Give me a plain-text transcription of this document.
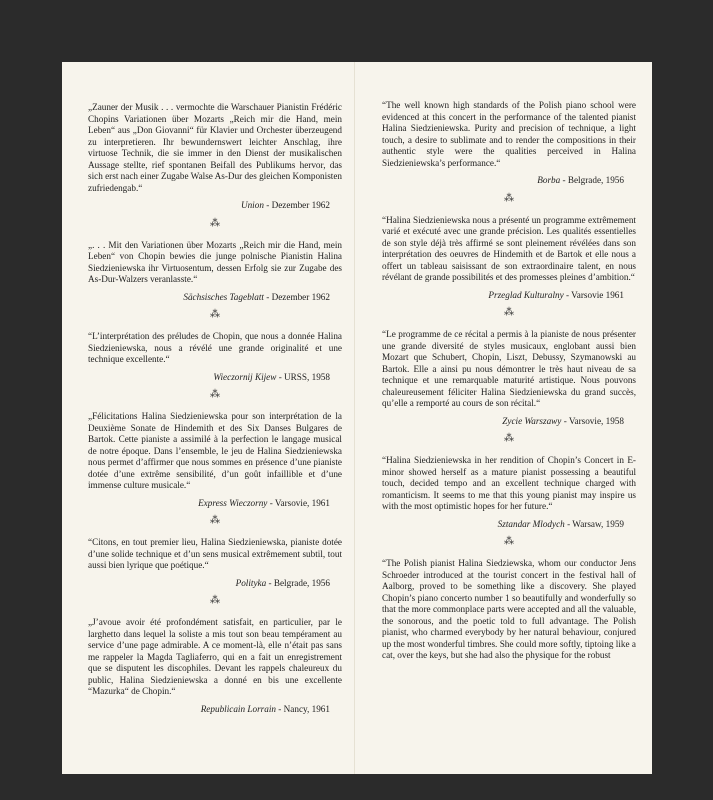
„Zauner der Musik . . . vermochte die Warschauer Pianistin Frédéric Chopins Variationen über Mozarts „Reich mir die Hand, mein Leben“ aus „Don Giovanni“ für Klavier und Orchester überzeugend zu interpretieren. Ihr bewundernswert leichter Anschlag, ihre virtuose Technik, die sie immer in den Dienst der musikalischen Aussage stellte, rief spontanen Beifall des Publikums hervor, das sich erst nach einer Zugabe Walse As-Dur des gleichen Komponisten zufriedengab.“

Union - Dezember 1962

⁂

„. . . Mit den Variationen über Mozarts „Reich mir die Hand, mein Leben“ von Chopin bewies die junge polnische Pianistin Halina Siedzieniewska ihr Virtuosentum, dessen Erfolg sie zur Zugabe des As-Dur-Walzers veranlasste.“

Sächsisches Tageblatt - Dezember 1962

⁂

“L’interprétation des préludes de Chopin, que nous a donnée Halina Siedzieniewska, nous a révélé une grande originalité et une technique excellente.“

Wieczornij Kijew - URSS, 1958

⁂

„Félicitations Halina Siedzieniewska pour son interprétation de la Deuxième Sonate de Hindemith et des Six Danses Bulgares de Bartok. Cette pianiste a assimilé à la perfection le langage musical de notre époque. Dans l’ensemble, le jeu de Halina Siedzieniewska nous permet d’affirmer que nous sommes en présence d’une pianiste dotée d’une extrême sensibilité, d’un goût infaillible et d’une immense culture musicale.“

Express Wieczorny - Varsovie, 1961

⁂

“Citons, en tout premier lieu, Halina Siedzieniewska, pianiste dotée d’une solide technique et d’un sens musical extrêmement subtil, tout aussi bien lyrique que poétique.“

Polityka - Belgrade, 1956

⁂

„J’avoue avoir été profondément satisfait, en particulier, par le larghetto dans lequel la soliste a mis tout son beau tempérament au service d’une page admirable. A ce moment-là, elle n’était pas sans me rappeler la Magda Tagliaferro, qui en a fait un enregistrement que se disputent les discophiles. Devant les rappels chaleureux du public, Halina Siedzieniewska a donné en bis une excellente “Mazurka“ de Chopin.“

Republicain Lorrain - Nancy, 1961

“The well known high standards of the Polish piano school were evidenced at this concert in the performance of the talented pianist Halina Siedzieniewska. Purity and precision of technique, a light touch, a desire to sublimate and to render the compositions in their authentic style were the qualities perceived in Halina Siedzieniewska’s performance.“

Borba - Belgrade, 1956

⁂

“Halina Siedzieniewska nous a présenté un programme extrêmement varié et exécuté avec une grande précision. Les qualités essentielles de son style déjà très affirmé se sont pleinement révélées dans son interprétation des oeuvres de Hindemith et de Bartok et elle nous a offert un tableau saisissant de son extraordinaire talent, en nous révélant de grande possibilités et des promesses pleines d’ambition.“

Przeglad Kulturalny - Varsovie 1961

⁂

“Le programme de ce récital a permis à la pianiste de nous présenter une grande diversité de styles musicaux, englobant aussi bien Mozart que Schubert, Chopin, Liszt, Debussy, Szymanowski au Bartok. Elle a ainsi pu nous démontrer le très haut niveau de sa technique et une remarquable maturité artistique. Nous pouvons chaleureusement féliciter Halina Siedzieniewska du grand succès, qu’elle a remporté au cours de son récital.“

Zycie Warszawy - Varsovie, 1958

⁂

“Halina Siedzieniewska in her rendition of Chopin’s Concert in E-minor showed herself as a mature pianist possessing a beautiful touch, decided tempo and an excellent technique charged with romanticism. It seems to me that this young pianist may inspire us with the most optimistic hopes for her future.“

Sztandar Mlodych - Warsaw, 1959

⁂

“The Polish pianist Halina Siedziewska, whom our conductor Jens Schroeder introduced at the tourist concert in the festival hall of Aalborg, proved to be something like a discovery. She played Chopin’s piano concerto number 1 so beautifully and wonderfully so that the more commonplace parts were accepted and all the valuable, the sonorous, and the poetic told to full advantage. The Polish pianist, who charmed everybody by her natural behaviour, conjured up the most wonderful timbres. She could more softly, tiptoing like a cat, over the keys, but she had also the physique for the robust
